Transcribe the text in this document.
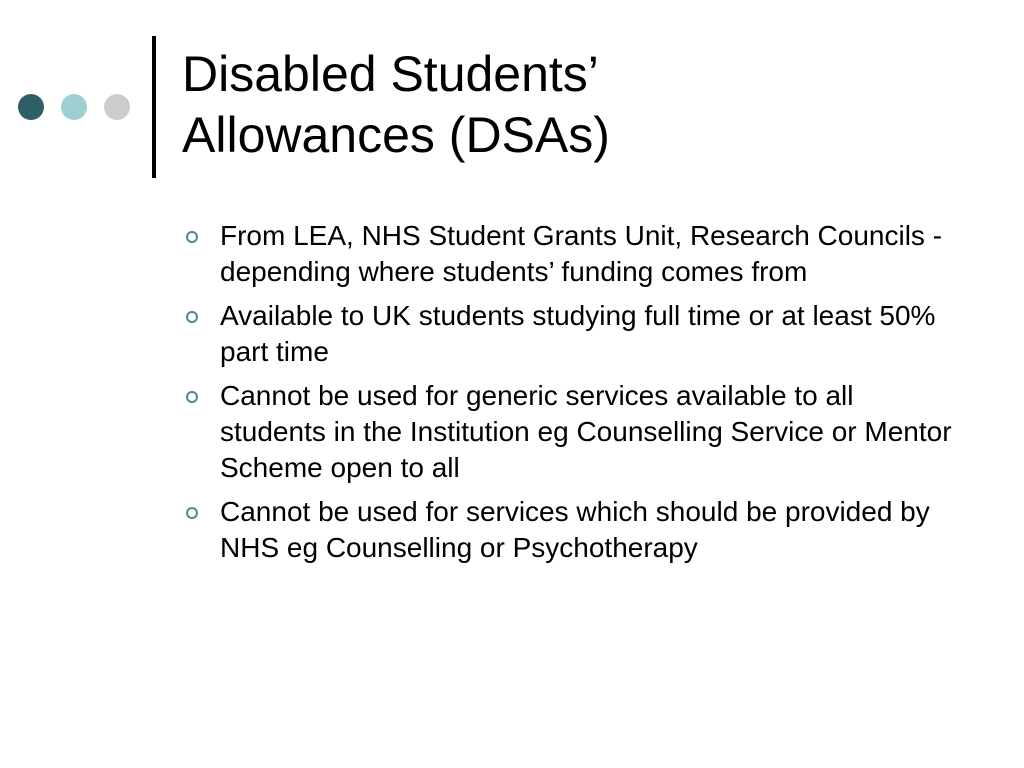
Disabled Students’
Allowances (DSAs)
From LEA, NHS Student Grants Unit, Research Councils - depending where students’ funding comes from
Available to UK students studying full time or at least 50% part time
Cannot be used for generic services available to all students in the Institution eg Counselling Service or Mentor Scheme open to all
Cannot be used for services which should be provided by NHS eg Counselling or Psychotherapy
